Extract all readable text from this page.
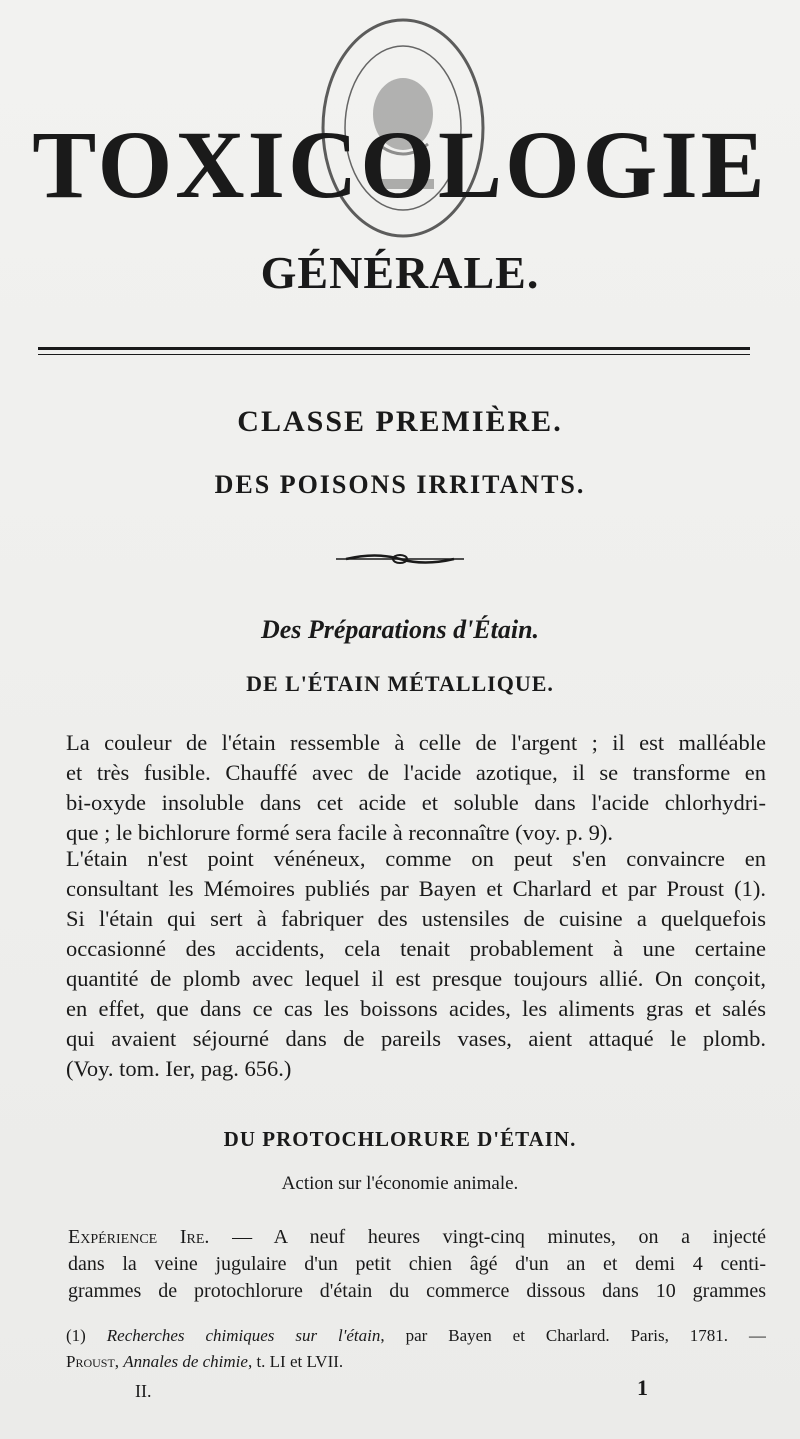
TOXICOLOGIE
GÉNÉRALE.
CLASSE PREMIÈRE.
DES POISONS IRRITANTS.
Des Préparations d'Étain.
DE L'ÉTAIN MÉTALLIQUE.
La couleur de l'étain ressemble à celle de l'argent ; il est malléable
et très fusible. Chauffé avec de l'acide azotique, il se transforme en
bi-oxyde insoluble dans cet acide et soluble dans l'acide chlorhydri-
que ; le bichlorure formé sera facile à reconnaître (voy. p. 9).
L'étain n'est point vénéneux, comme on peut s'en convaincre en
consultant les Mémoires publiés par Bayen et Charlard et par Proust (1).
Si l'étain qui sert à fabriquer des ustensiles de cuisine a quelquefois
occasionné des accidents, cela tenait probablement à une certaine
quantité de plomb avec lequel il est presque toujours allié. On conçoit,
en effet, que dans ce cas les boissons acides, les aliments gras et salés
qui avaient séjourné dans de pareils vases, aient attaqué le plomb.
(Voy. tom. Ier, pag. 656.)
DU PROTOCHLORURE D'ÉTAIN.

Action sur l'économie animale.

Expérience Ire. — A neuf heures vingt-cinq minutes, on a injecté
dans la veine jugulaire d'un petit chien âgé d'un an et demi 4 centi-
grammes de protochlorure d'étain du commerce dissous dans 10 grammes
(1) Recherches chimiques sur l'étain, par Bayen et Charlard. Paris, 1781. —
Proust, Annales de chimie, t. LI et LVII.
II.	1
